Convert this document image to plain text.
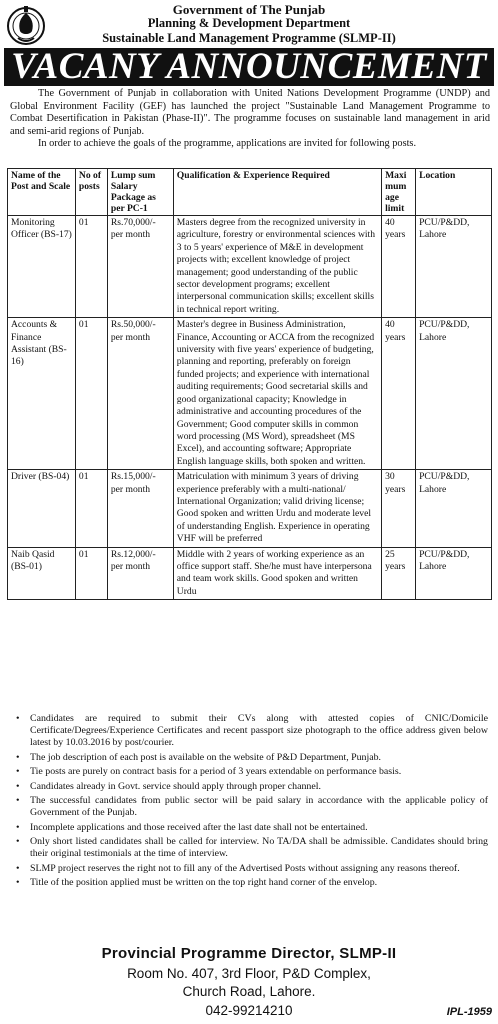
Government of The Punjab
Planning & Development Department
Sustainable Land Management Programme (SLMP-II)
VACANY ANNOUNCEMENT

The Government of Punjab in collaboration with United Nations Development Programme (UNDP) and Global Environment Facility (GEF) has launched the project "Sustainable Land Management Programme to Combat Desertification in Pakistan (Phase-II)". The programme focuses on sustainable land management in arid and semi-arid regions of Punjab.

In order to achieve the goals of the programme, applications are invited for following posts.

Name of the Post and Scale	No of posts	Lump sum Salary Package as per PC-1	Qualification & Experience Required	Maxi mum age limit	Location
Monitoring Officer (BS-17)	01	Rs.70,000/- per month	Masters degree from the recognized university in agriculture, forestry or environmental sciences with 3 to 5 years' experience of M&E in development projects with; excellent knowledge of project management; good understanding of the public sector development programs; excellent interpersonal communication skills; excellent skills in technical report writing.	40 years	PCU/P&DD, Lahore
Accounts & Finance Assistant (BS-16)	01	Rs.50,000/- per month	Master's degree in Business Administration, Finance, Accounting or ACCA from the recognized university with five years' experience of budgeting, planning and reporting, preferably on foreign funded projects; and experience with international auditing requirements; Good secretarial skills and good organizational capacity; Knowledge in administrative and accounting procedures of the Government; Good computer skills in common word processing (MS Word), spreadsheet (MS Excel), and accounting software; Appropriate English language skills, both spoken and written.	40 years	PCU/P&DD, Lahore
Driver (BS-04)	01	Rs.15,000/- per month	Matriculation with minimum 3 years of driving experience preferably with a multi-national/ International Organization; valid driving license; Good spoken and written Urdu and moderate level of understanding English. Experience in operating VHF will be preferred	30 years	PCU/P&DD, Lahore
Naib Qasid (BS-01)	01	Rs.12,000/- per month	Middle with 2 years of working experience as an office support staff. She/he must have interpersona and team work skills. Good spoken and written Urdu	25 years	PCU/P&DD, Lahore
• Candidates are required to submit their CVs along with attested copies of CNIC/Domicile Certificate/Degrees/Experience Certificates and recent passport size photograph to the office address given below latest by 10.03.2016 by post/courier.
• The job description of each post is available on the website of P&D Department, Punjab.
• Tie posts are purely on contract basis for a period of 3 years extendable on performance basis.
• Candidates already in Govt. service should apply through proper channel.
• The successful candidates from public sector will be paid salary in accordance with the applicable policy of Government of the Punjab.
• Incomplete applications and those received after the last date shall not be entertained.
• Only short listed candidates shall be called for interview. No TA/DA shall be admissible. Candidates should bring their original testimonials at the time of interview.
• SLMP project reserves the right not to fill any of the Advertised Posts without assigning any reasons thereof.
• Title of the position applied must be written on the top right hand corner of the envelop.
Provincial Programme Director, SLMP-II
Room No. 407, 3rd Floor, P&D Complex,
Church Road, Lahore.
042-99214210	IPL-1959
